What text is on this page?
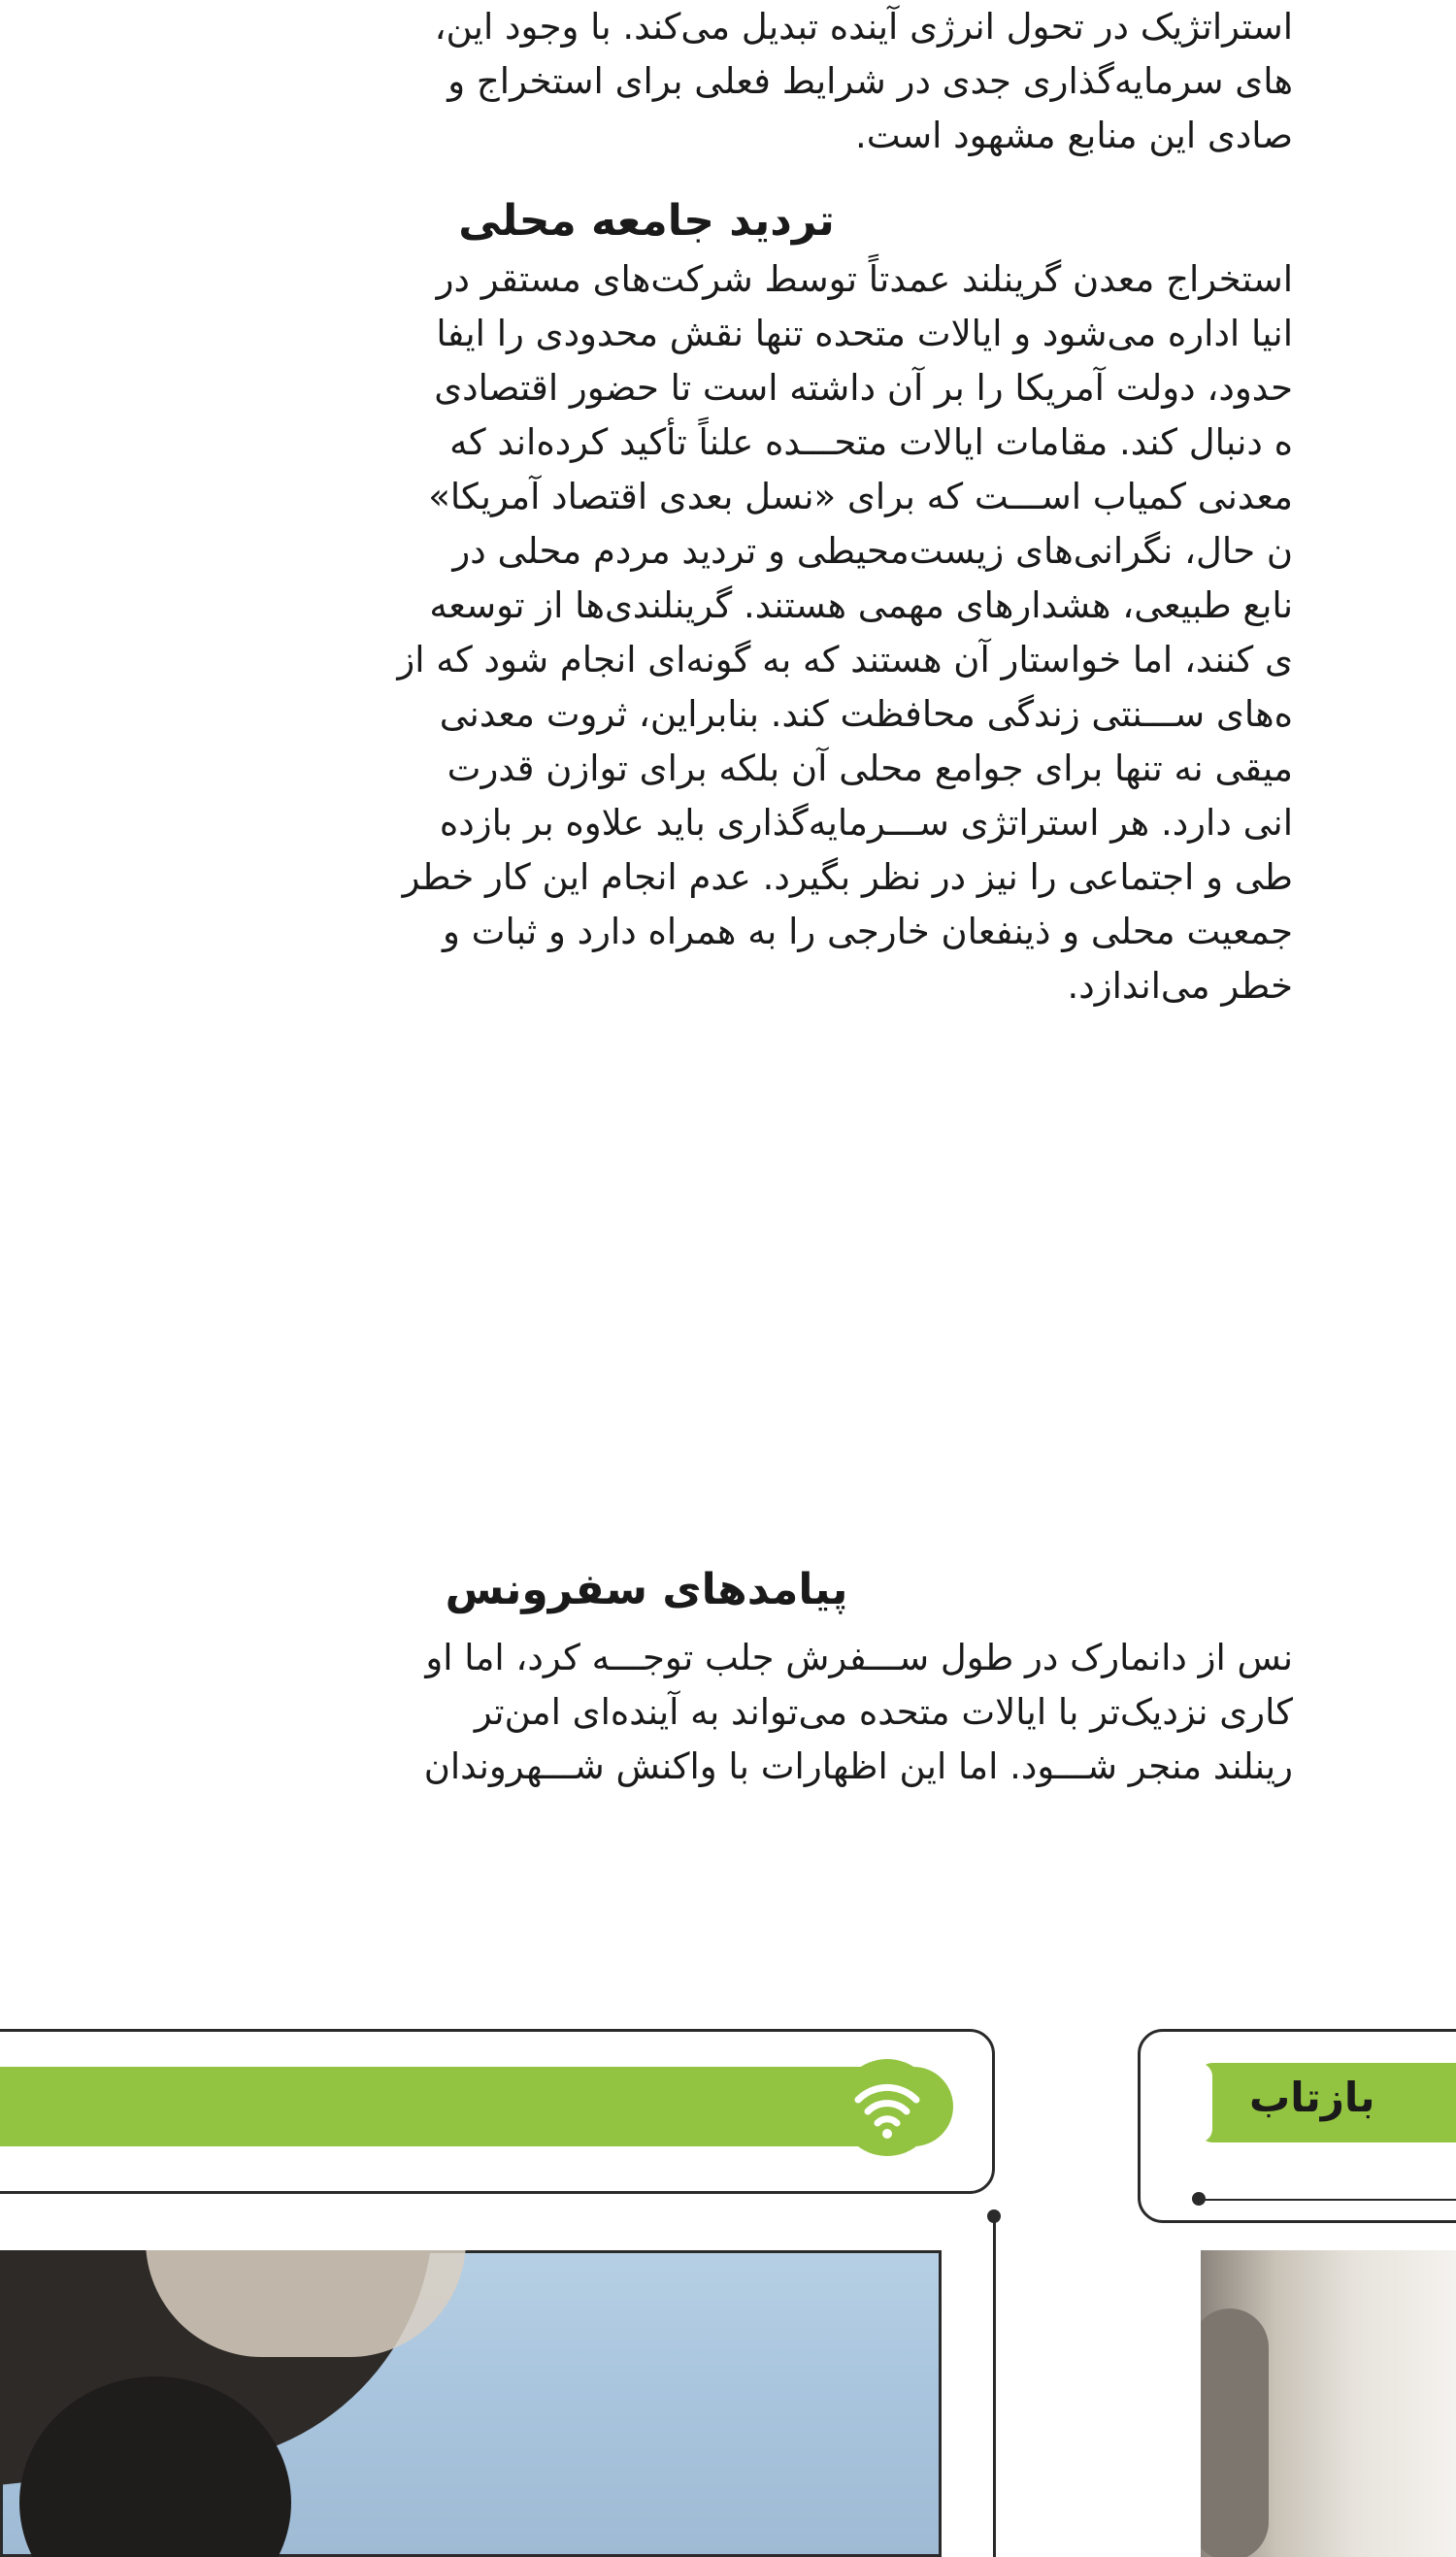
استراتژیک در تحول انرژی آینده تبدیل می‌کند. با وجود این،

های سرمایه‌گذاری جدی در شرایط فعلی برای استخراج و

صادی این منابع مشهود است.

تردید جامعه محلی

استخراج معدن گرینلند عمدتاً توسط شرکت‌های مستقر در

انیا اداره می‌شود و ایالات متحده تنها نقش محدودی را ایفا

حدود، دولت آمریکا را بر آن داشته است تا حضور اقتصادی

ه دنبال کند. مقامات ایالات متحـــده علناً تأکید کرده‌اند که

معدنی کمیاب اســـت که برای «نسل بعدی اقتصاد آمریکا»

ن حال، نگرانی‌های زیست‌محیطی و تردید مردم محلی در

نابع طبیعی، هشدارهای مهمی هستند. گرینلندی‌ها از توسعه

ی کنند، اما خواستار آن هستند که به گونه‌ای انجام شود که از

ه‌های ســـنتی زندگی محافظت کند. بنابراین، ثروت معدنی

میقی نه تنها برای جوامع محلی آن بلکه برای توازن قدرت

انی دارد. هر استراتژی ســـرمایه‌گذاری باید علاوه بر بازده

طی و اجتماعی را نیز در نظر بگیرد. عدم انجام این کار خطر

جمعیت محلی و ذینفعان خارجی را به همراه دارد و ثبات و

خطر می‌اندازد.

پیامدهای سفرونس

نس از دانمارک در طول ســـفرش جلب توجـــه کرد، اما او

کاری نزدیک‌تر با ایالات متحده می‌تواند به آینده‌ای امن‌تر

رینلند منجر شـــود. اما این اظهارات با واکنش شـــهروندان

بازتاب
